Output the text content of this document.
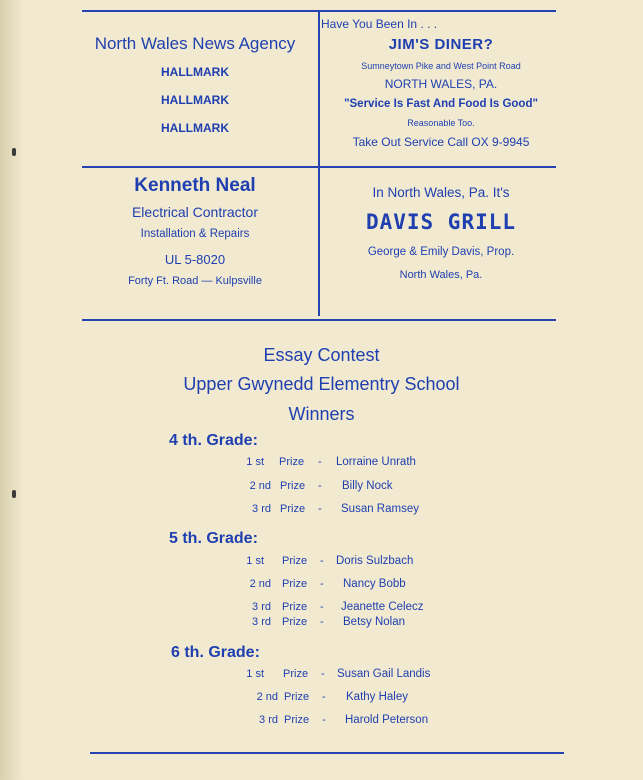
North Wales News Agency
HALLMARK
HALLMARK
HALLMARK
Have You Been In . . .
JIM'S DINER?
Sumneytown Pike and West Point Road
NORTH WALES, PA.
"Service Is Fast And Food Is Good"
Reasonable Too.
Take Out Service Call OX 9-9945
Kenneth Neal
Electrical Contractor
Installation & Repairs
UL 5-8020
Forty Ft. Road — Kulpsville
In North Wales, Pa. It's
DAVIS GRILL
George & Emily Davis, Prop.
North Wales, Pa.
Essay Contest
Upper Gwynedd Elementry School
Winners
4 th. Grade:
1 st Prize - Lorraine Unrath
2 nd Prize - Billy Nock
3 rd Prize - Susan Ramsey
5 th. Grade:
1 st Prize - Doris Sulzbach
2 nd Prize - Nancy Bobb
3 rd Prize - Jeanette Celecz
3 rd Prize - Betsy Nolan
6 th. Grade:
1 st Prize - Susan Gail Landis
2 nd Prize - Kathy Haley
3 rd Prize - Harold Peterson
